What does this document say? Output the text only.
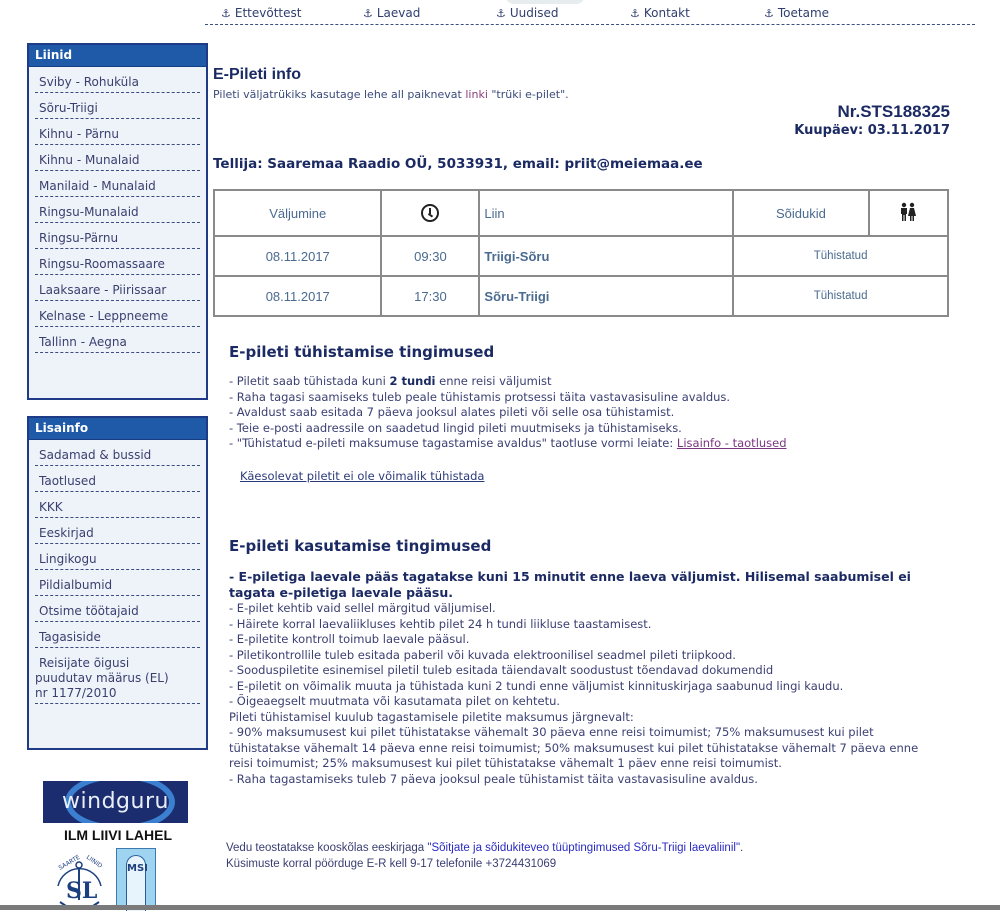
⚓ Ettevõttest	⚓ Laevad	⚓ Uudised	⚓ Kontakt	⚓ Toetame
Liinid
Sviby - Rohuküla
Sõru-Triigi
Kihnu - Pärnu
Kihnu - Munalaid
Manilaid - Munalaid
Ringsu-Munalaid
Ringsu-Pärnu
Ringsu-Roomassaare
Laaksaare - Piirissaar
Kelnase - Leppneeme
Tallinn - Aegna
Lisainfo
Sadamad & bussid
Taotlused
KKK
Eeskirjad
Lingikogu
Pildialbumid
Otsime töötajaid
Tagasiside
Reisijate õigusi
puudutav määrus (EL)
nr 1177/2010
windguru
ILM LIIVI LAHEL
SAARTE LIINID
SL
MSI
E-Pileti info
Pileti väljatrükiks kasutage lehe all paiknevat linki "trüki e-pilet".
Nr.STS188325
Kuupäev: 03.11.2017
Tellija: Saaremaa Raadio OÜ, 5033931, email: priit@meiemaa.ee
Väljumine		Liin	Sõidukid	
08.11.2017	09:30	Triigi-Sõru	Tühistatud	
08.11.2017	17:30	Sõru-Triigi	Tühistatud	
E-pileti tühistamise tingimused
- Piletit saab tühistada kuni 2 tundi enne reisi väljumist
- Raha tagasi saamiseks tuleb peale tühistamis protsessi täita vastavasisuline avaldus.
- Avaldust saab esitada 7 päeva jooksul alates pileti või selle osa tühistamist.
- Teie e-posti aadressile on saadetud lingid pileti muutmiseks ja tühistamiseks.
- "Tühistatud e-pileti maksumuse tagastamise avaldus" taotluse vormi leiate: Lisainfo - taotlused
Käesolevat piletit ei ole võimalik tühistada
E-pileti kasutamise tingimused
- E-piletiga laevale pääs tagatakse kuni 15 minutit enne laeva väljumist. Hilisemal saabumisel ei tagata e-piletiga laevale pääsu.
- E-pilet kehtib vaid sellel märgitud väljumisel.
- Häirete korral laevaliikluses kehtib pilet 24 h tundi liikluse taastamisest.
- E-piletite kontroll toimub laevale pääsul.
- Piletikontrollile tuleb esitada paberil või kuvada elektroonilisel seadmel pileti triipkood.
- Sooduspiletite esinemisel piletil tuleb esitada täiendavalt soodustust tõendavad dokumendid
- E-piletit on võimalik muuta ja tühistada kuni 2 tundi enne väljumist kinnituskirjaga saabunud lingi kaudu.
- Õigeaegselt muutmata või kasutamata pilet on kehtetu.
Pileti tühistamisel kuulub tagastamisele piletite maksumus järgnevalt:
- 90% maksumusest kui pilet tühistatakse vähemalt 30 päeva enne reisi toimumist; 75% maksumusest kui pilet tühistatakse vähemalt 14 päeva enne reisi toimumist; 50% maksumusest kui pilet tühistatakse vähemalt 7 päeva enne reisi toimumist; 25% maksumusest kui pilet tühistatakse vähemalt 1 päev enne reisi toimumist.
- Raha tagastamiseks tuleb 7 päeva jooksul peale tühistamist täita vastavasisuline avaldus.
Vedu teostatakse kooskõlas eeskirjaga "Sõitjate ja sõidukiteveo tüüptingimused Sõru-Triigi laevaliinil".
Küsimuste korral pöörduge E-R kell 9-17 telefonile +3724431069
